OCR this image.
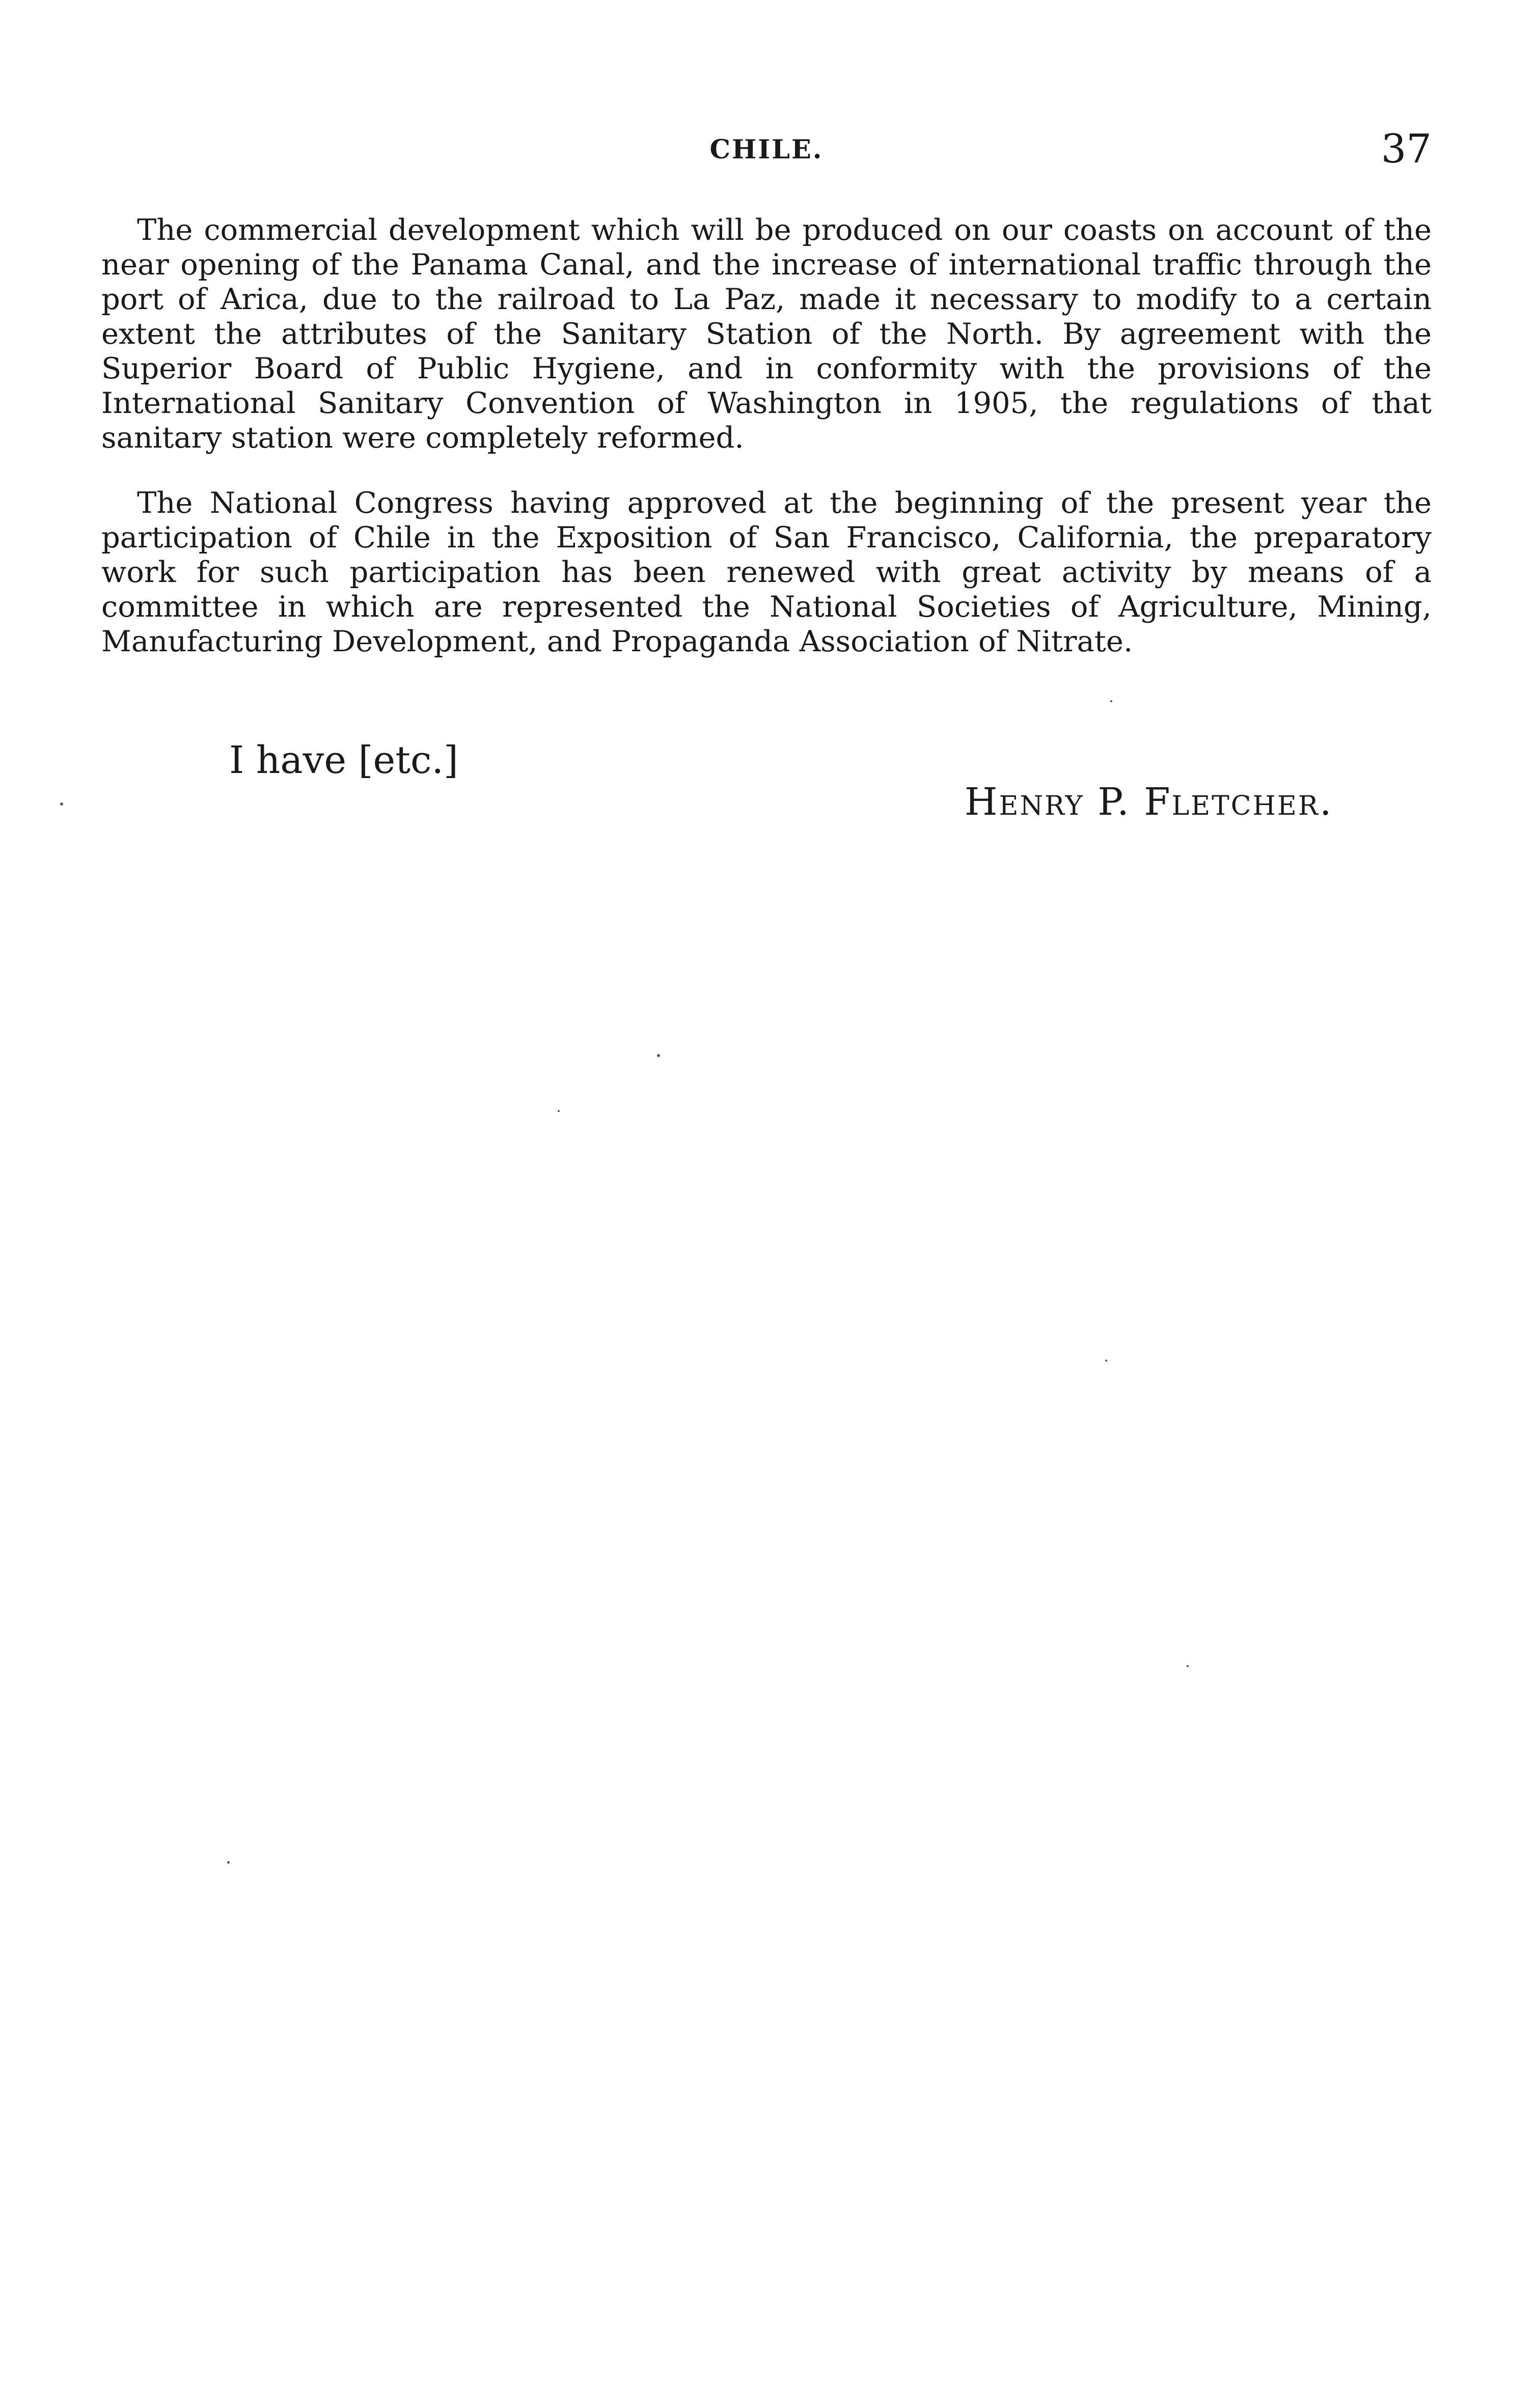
CHILE.	37

The commercial development which will be produced on our coasts on account of the near opening of the Panama Canal, and the increase of international traffic through the port of Arica, due to the railroad to La Paz, made it necessary to modify to a certain extent the attributes of the Sanitary Station of the North. By agreement with the Superior Board of Public Hygiene, and in conformity with the provisions of the International Sanitary Convention of Washington in 1905, the regulations of that sanitary station were completely reformed.

The National Congress having approved at the beginning of the present year the participation of Chile in the Exposition of San Francisco, California, the preparatory work for such participation has been renewed with great activity by means of a committee in which are represented the National Societies of Agriculture, Mining, Manufacturing Development, and Propaganda Association of Nitrate.

I have [etc.]
Henry P. Fletcher.
